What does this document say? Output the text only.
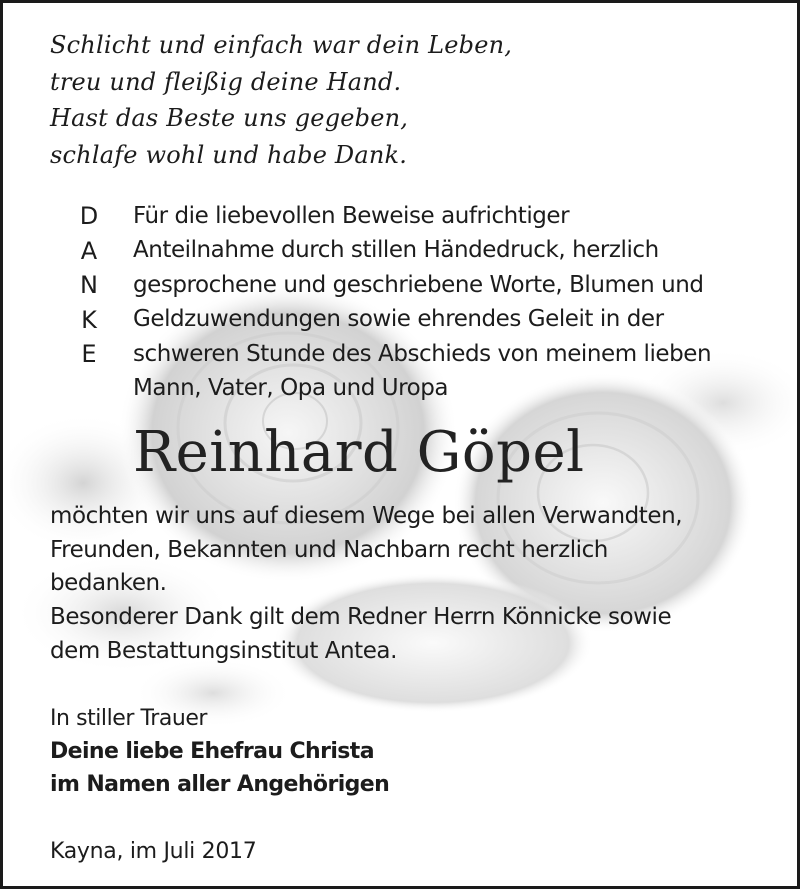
Schlicht und einfach war dein Leben,
treu und fleißig deine Hand.
Hast das Beste uns gegeben,
schlafe wohl und habe Dank.
D
A
N
K
E
Für die liebevollen Beweise aufrichtiger
Anteilnahme durch stillen Händedruck, herzlich
gesprochene und geschriebene Worte, Blumen und
Geldzuwendungen sowie ehrendes Geleit in der
schweren Stunde des Abschieds von meinem lieben
Mann, Vater, Opa und Uropa
Reinhard Göpel
möchten wir uns auf diesem Wege bei allen Verwandten,
Freunden, Bekannten und Nachbarn recht herzlich
bedanken.
Besonderer Dank gilt dem Redner Herrn Könnicke sowie
dem Bestattungsinstitut Antea.
In stiller Trauer
Deine liebe Ehefrau Christa
im Namen aller Angehörigen
Kayna, im Juli 2017
